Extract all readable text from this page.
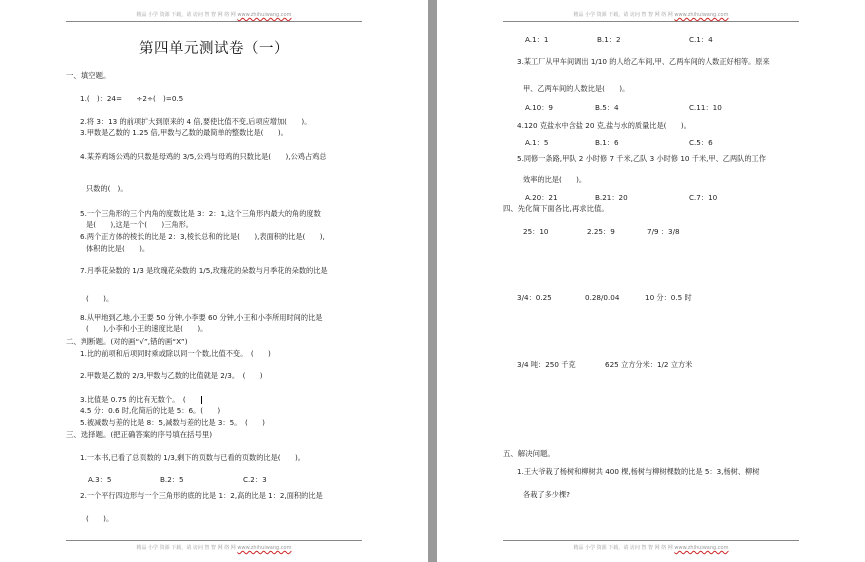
精品 小学 资源 下载，请 访问 智 智 网 络 网 www.zhihuiwang.com
第四单元测试卷（一）
一、填空题。
1.(　)：24=　　÷2÷(　)=0.5
2.将 3：13 的前项扩大到原来的 4 倍,要使比值不变,后项应增加(　　)。
3.甲数是乙数的 1.25 倍,甲数与乙数的最简单的整数比是(　　)。
4.某养鸡场公鸡的只数是母鸡的 3/5,公鸡与母鸡的只数比是(　　),公鸡占鸡总
只数的(　)。
5.一个三角形的三个内角的度数比是 3：2：1,这个三角形内最大的角的度数
是(　　),这是一个(　　)三角形。
6.两个正方体的棱长的比是 2：3,棱长总和的比是(　　),表面积的比是(　　),
体积的比是(　　)。
7.月季花朵数的 1/3 是玫瑰花朵数的 1/5,玫瑰花的朵数与月季花的朵数的比是
(　　)。
8.从甲地到乙地,小王要 50 分钟,小李要 60 分钟,小王和小李所用时间的比是
(　　),小李和小王的速度比是(　　)。
二、判断题。(对的画“√”,错的画“X”)
1.比的前项和后项同时乘或除以同一个数,比值不变。　(　　)
2.甲数是乙数的 2/3,甲数与乙数的比值就是 2/3。　(　　)
3.比值是 0.75 的比有无数个。　(　　
4.5 分：0.6 时,化简后的比是 5：6。(　　)
5.被减数与差的比是 8：5,减数与差的比是 3：5。　(　　)
三、选择题。(把正确答案的序号填在括号里)
1.一本书,已看了总页数的 1/3,剩下的页数与已看的页数的比是(　　)。
A.3：5	B.2：5	C.2：3
2.一个平行四边形与一个三角形的底的比是 1：2,高的比是 1：2,面积的比是
(　　)。
精品 小学 资源 下载，请 访问 智 智 网 络 网 www.zhihuiwang.com
精品 小学 资源 下载，请 访问 智 智 网 络 网 www.zhihuiwang.com
A.1：1	B.1：2	C.1：4
3.某工厂从甲车间调出 1/10 的人给乙车间,甲、乙两车间的人数正好相等。原来
甲、乙两车间的人数比是(　　)。
A.10：9	B.5：4	C.11：10
4.120 克盐水中含盐 20 克,盐与水的质量比是(　　)。
A.1：5	B.1：6	C.5：6
5.同修一条路,甲队 2 小时修 7 千米,乙队 3 小时修 10 千米,甲、乙两队的工作
效率的比是(　　)。
A.20：21	B.21：20	C.7：10
四、先化简下面各比,再求比值。
25：10	2.25：9	7/9 ：3/8
3/4：0.25	0.28/0.04	10 分：0.5 时
3/4 吨：250 千克	625 立方分米：1/2 立方米
五、解决问题。
1.王大爷栽了杨树和柳树共 400 棵,杨树与柳树棵数的比是 5：3,杨树、柳树
各栽了多少棵?
精品 小学 资源 下载，请 访问 智 智 网 络 网 www.zhihuiwang.com
